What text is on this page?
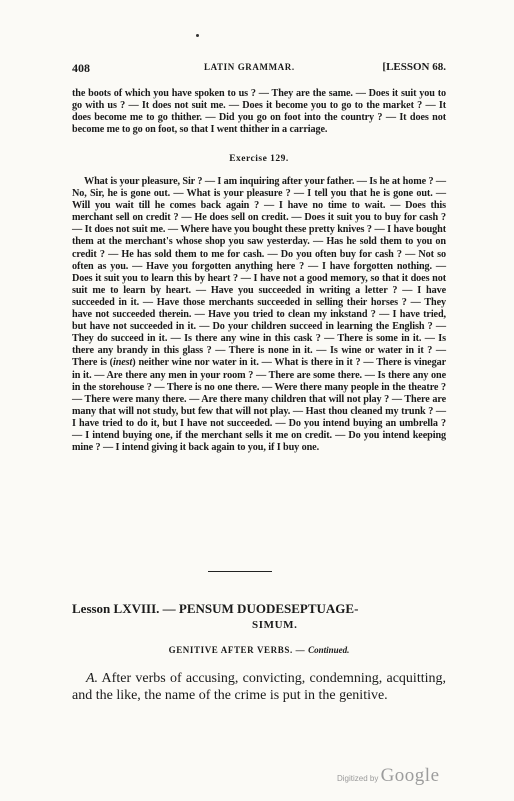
408	LATIN GRAMMAR.	[LESSON 68.
the boots of which you have spoken to us ? — They are the same. — Does it suit you to go with us ? — It does not suit me. — Does it become you to go to the market ? — It does become me to go thither. — Did you go on foot into the country ? — It does not become me to go on foot, so that I went thither in a carriage.
Exercise 129.
What is your pleasure, Sir ? — I am inquiring after your father. — Is he at home ? — No, Sir, he is gone out. — What is your pleasure ? — I tell you that he is gone out. — Will you wait till he comes back again ? — I have no time to wait. — Does this merchant sell on credit ? — He does sell on credit. — Does it suit you to buy for cash ? — It does not suit me. — Where have you bought these pretty knives ? — I have bought them at the merchant's whose shop you saw yesterday. — Has he sold them to you on credit ? — He has sold them to me for cash. — Do you often buy for cash ? — Not so often as you. — Have you forgotten anything here ? — I have forgotten nothing. — Does it suit you to learn this by heart ? — I have not a good memory, so that it does not suit me to learn by heart. — Have you succeeded in writing a letter ? — I have succeeded in it. — Have those merchants succeeded in selling their horses ? — They have not succeeded therein. — Have you tried to clean my inkstand ? — I have tried, but have not succeeded in it. — Do your children succeed in learning the English ? — They do succeed in it. — Is there any wine in this cask ? — There is some in it. — Is there any brandy in this glass ? — There is none in it. — Is wine or water in it ? — There is (inest) neither wine nor water in it. — What is there in it ? — There is vinegar in it. — Are there any men in your room ? — There are some there. — Is there any one in the storehouse ? — There is no one there. — Were there many people in the theatre ? — There were many there. — Are there many children that will not play ? — There are many that will not study, but few that will not play. — Hast thou cleaned my trunk ? — I have tried to do it, but I have not succeeded. — Do you intend buying an umbrella ? — I intend buying one, if the merchant sells it me on credit. — Do you intend keeping mine ? — I intend giving it back again to you, if I buy one.
Lesson LXVIII. — PENSUM DUODESEPTUAGE-
SIMUM.
GENITIVE AFTER VERBS. — Continued.
A. After verbs of accusing, convicting, condemning, acquitting, and the like, the name of the crime is put in the genitive.
Digitized by Google
